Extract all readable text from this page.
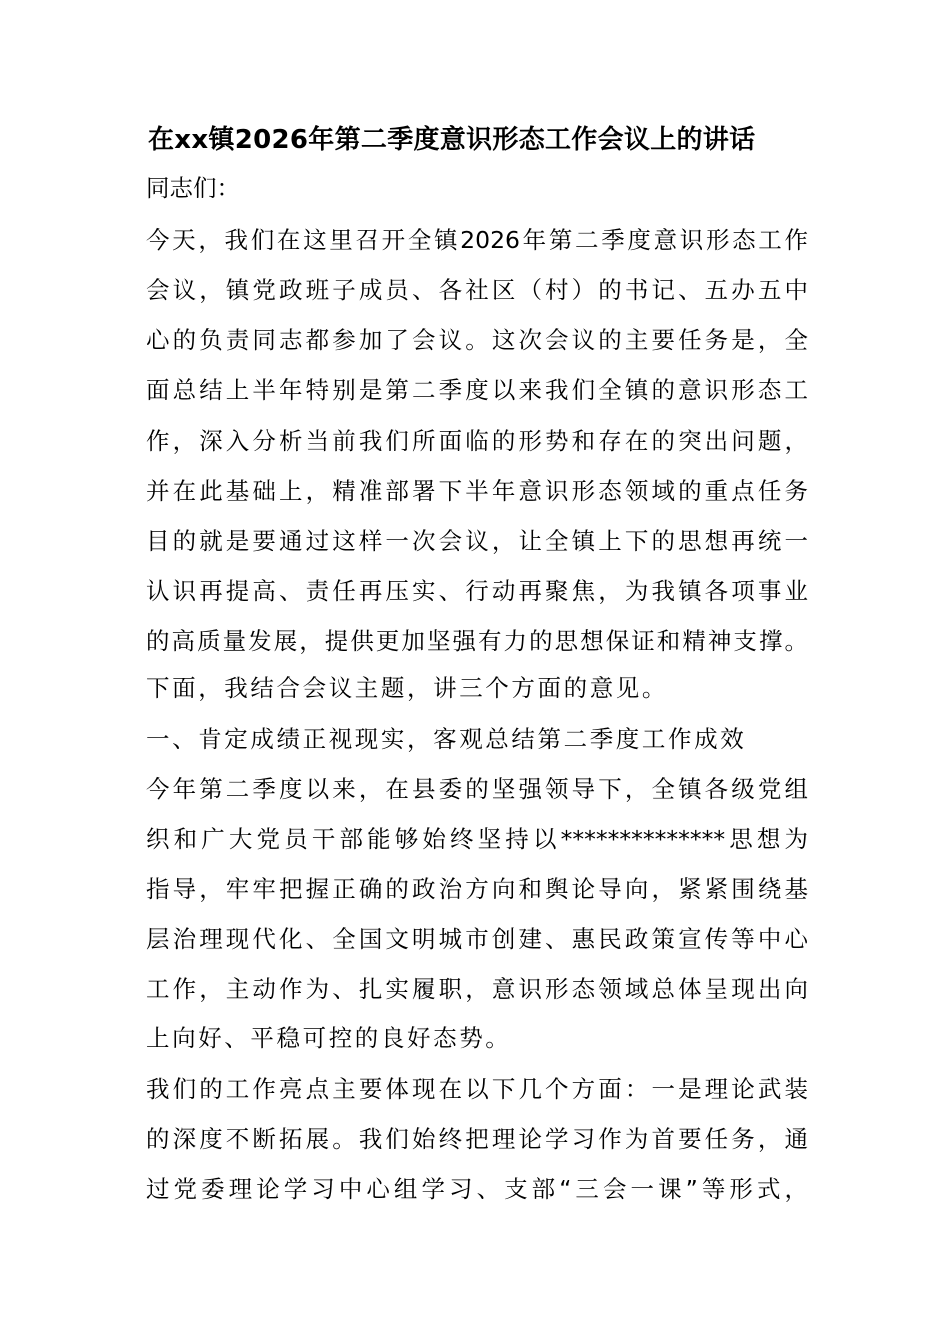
在xx镇2026年第二季度意识形态工作会议上的讲话
同志们：
今天，我们在这里召开全镇2026年第二季度意识形态工作
会议，镇党政班子成员、各社区（村）的书记、五办五中
心的负责同志都参加了会议。这次会议的主要任务是，全
面总结上半年特别是第二季度以来我们全镇的意识形态工
作，深入分析当前我们所面临的形势和存在的突出问题，
并在此基础上，精准部署下半年意识形态领域的重点任务
目的就是要通过这样一次会议，让全镇上下的思想再统一
认识再提高、责任再压实、行动再聚焦，为我镇各项事业
的高质量发展，提供更加坚强有力的思想保证和精神支撑。
下面，我结合会议主题，讲三个方面的意见。
一、肯定成绩正视现实，客观总结第二季度工作成效
今年第二季度以来，在县委的坚强领导下，全镇各级党组
织和广大党员干部能够始终坚持以**************思想为
指导，牢牢把握正确的政治方向和舆论导向，紧紧围绕基
层治理现代化、全国文明城市创建、惠民政策宣传等中心
工作，主动作为、扎实履职，意识形态领域总体呈现出向
上向好、平稳可控的良好态势。
我们的工作亮点主要体现在以下几个方面：一是理论武装
的深度不断拓展。我们始终把理论学习作为首要任务，通
过党委理论学习中心组学习、支部“三会一课”等形式，
